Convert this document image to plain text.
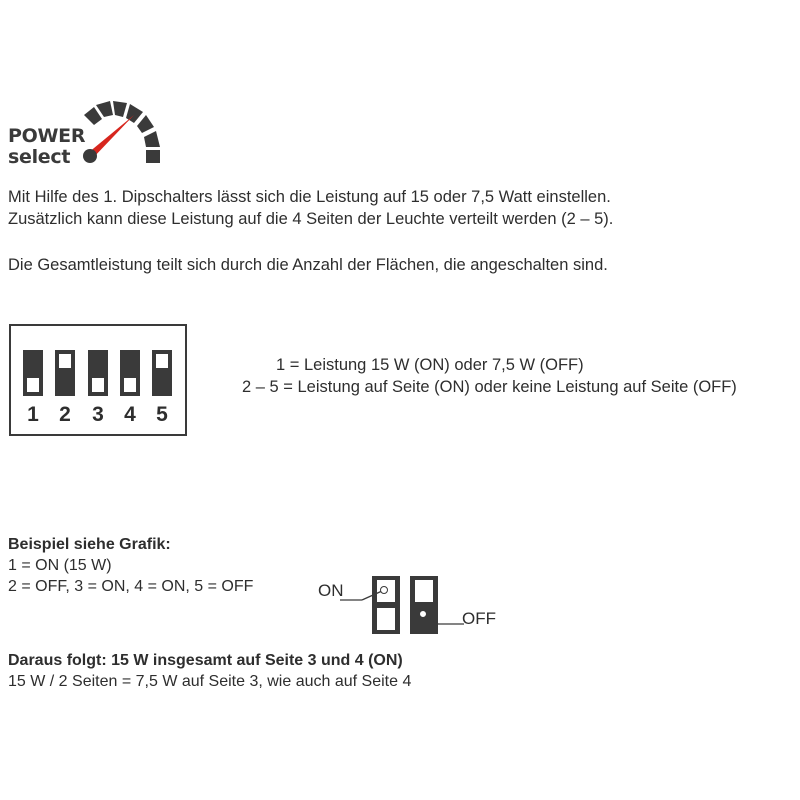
POWER
select
Mit Hilfe des 1. Dipschalters lässt sich die Leistung auf 15 oder 7,5 Watt einstellen.
Zusätzlich kann diese Leistung auf die 4 Seiten der Leuchte verteilt werden (2 – 5).
Die Gesamtleistung teilt sich durch die Anzahl der Flächen, die angeschalten sind.
1 2 3 4 5
1 = Leistung 15 W (ON) oder 7,5 W (OFF)
2 – 5 = Leistung auf Seite (ON) oder keine Leistung auf Seite (OFF)
Beispiel siehe Grafik:
1 = ON (15 W)
2 = OFF, 3 = ON, 4 = ON, 5 = OFF	ON
OFF
Daraus folgt: 15 W insgesamt auf Seite 3 und 4 (ON)
15 W / 2 Seiten = 7,5 W auf Seite 3, wie auch auf Seite 4
